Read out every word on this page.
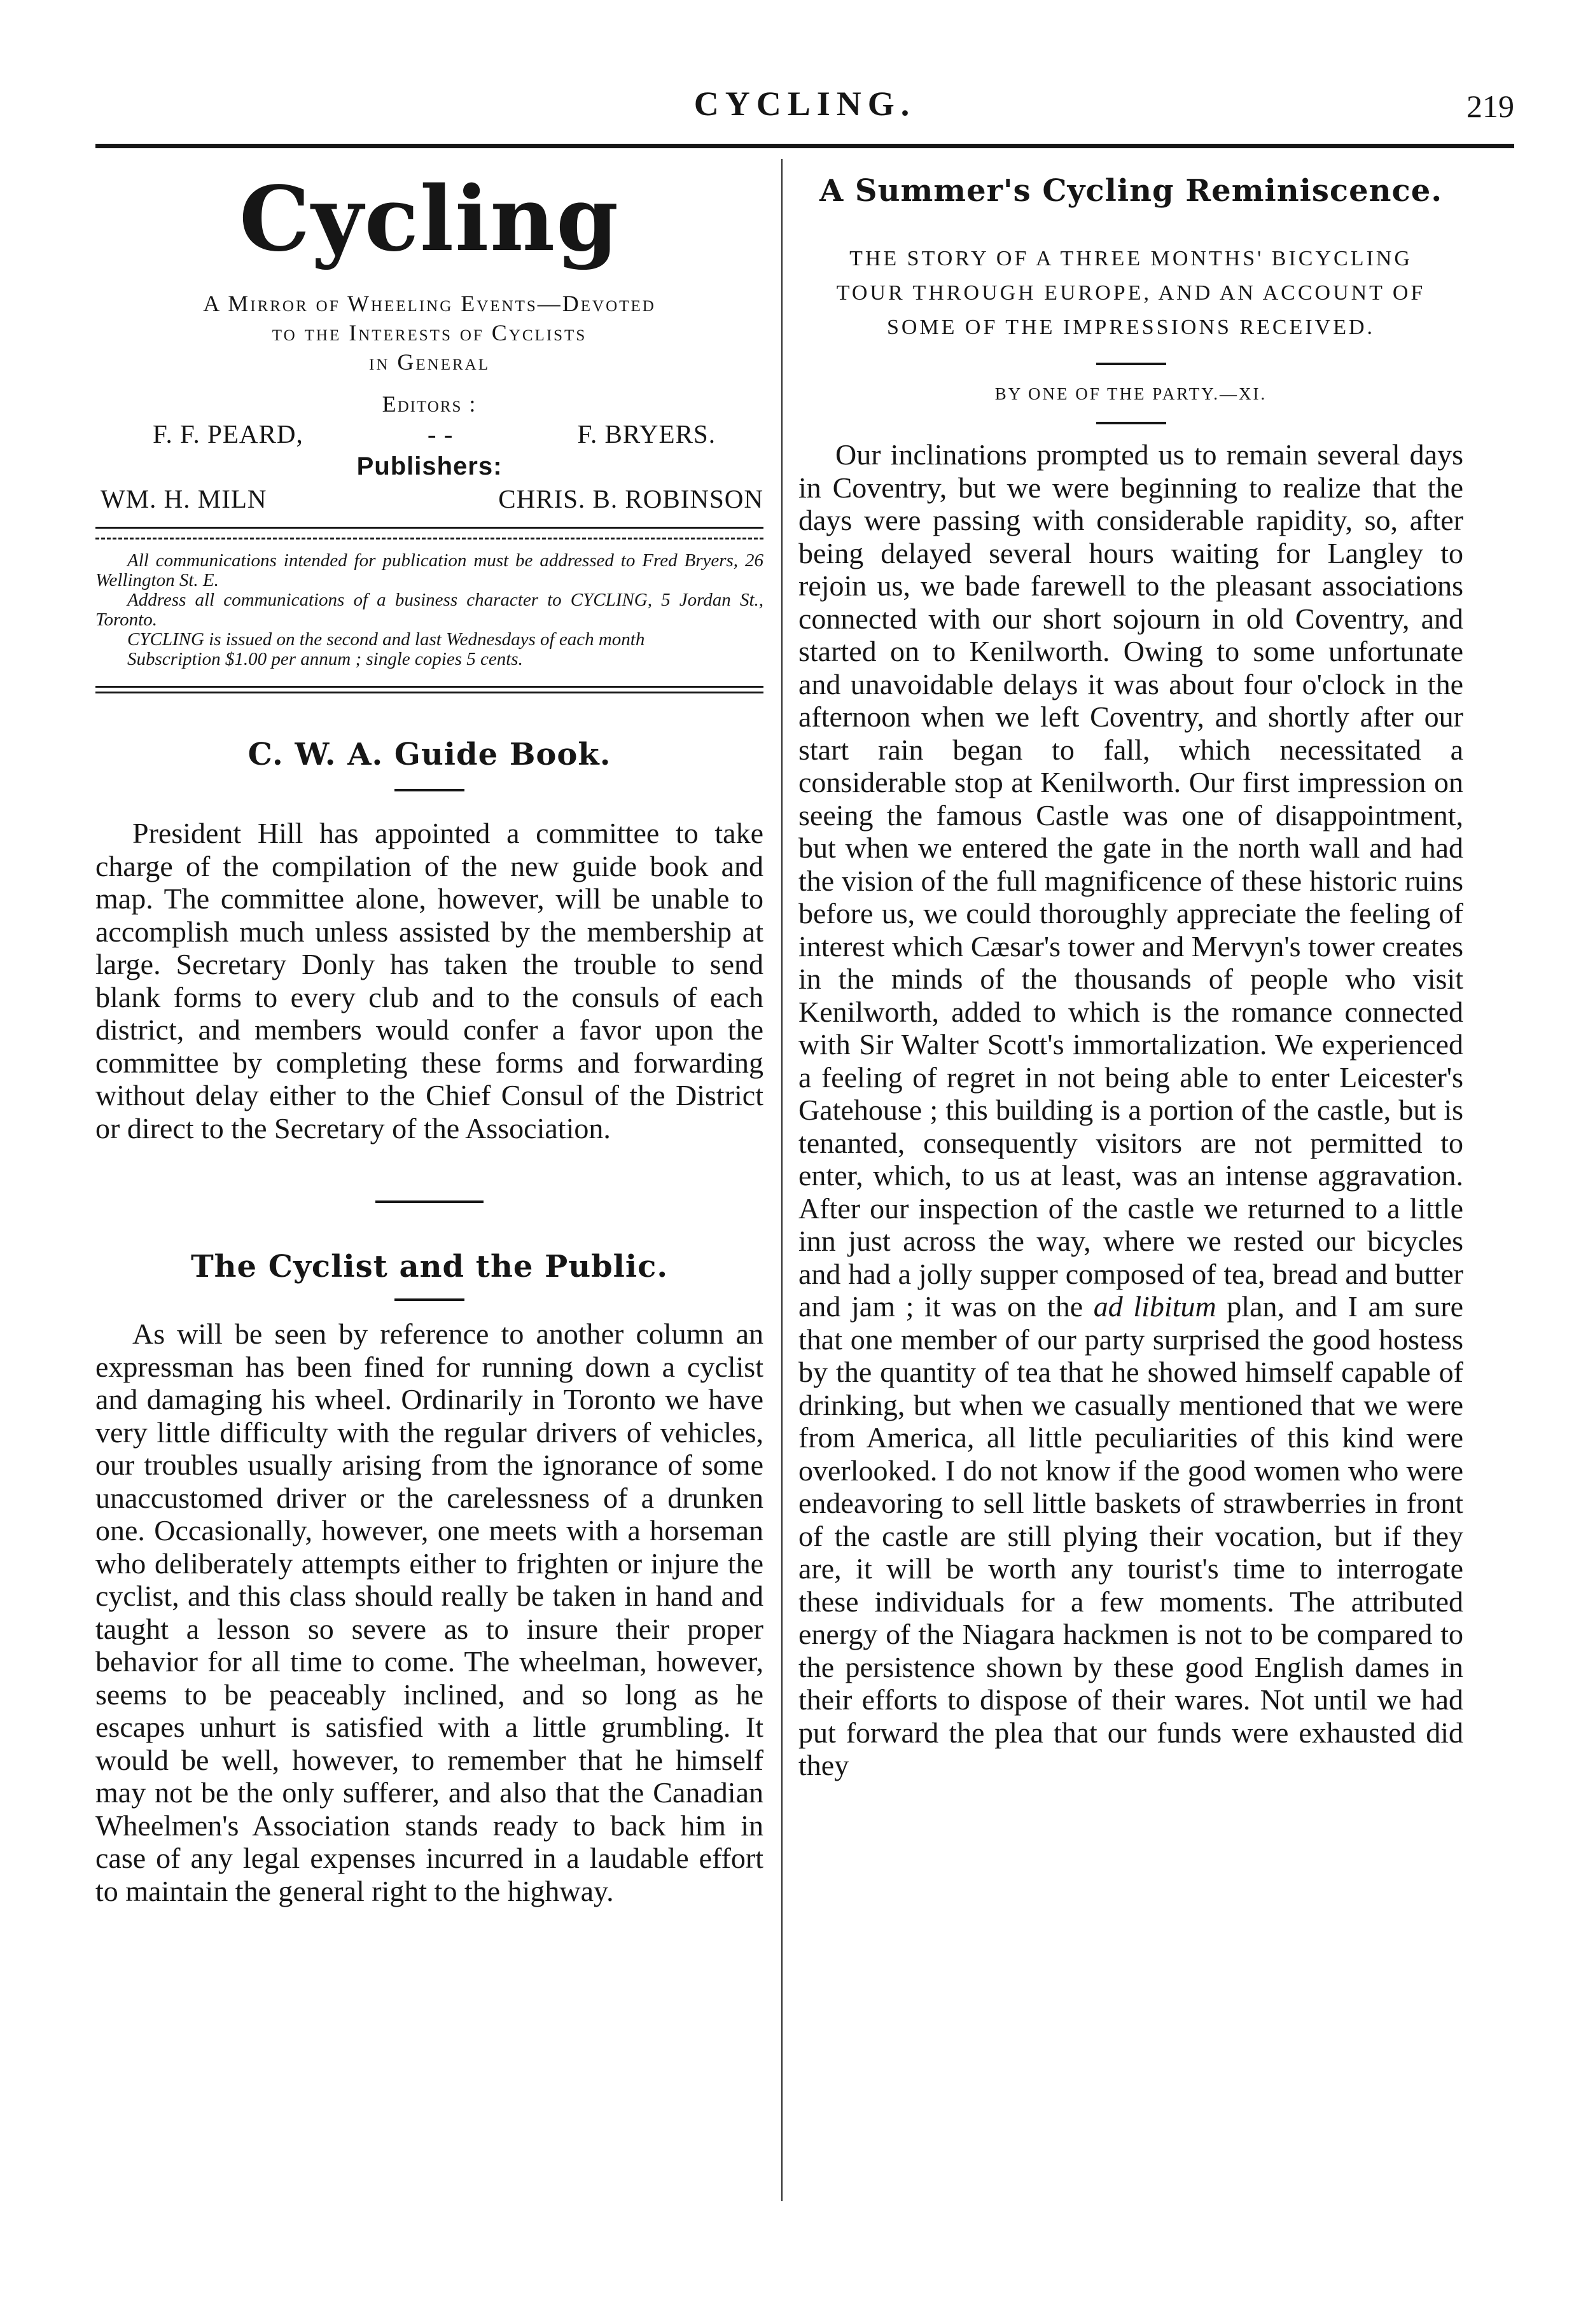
CYCLING.	219
Cycling
A Mirror of Wheeling Events—Devoted
to the Interests of Cyclists
in General
Editors :
F. F. PEARD,	- -	F. BRYERS.
Publishers:
WM. H. MILN	CHRIS. B. ROBINSON

All communications intended for publication must be addressed to Fred Bryers, 26 Wellington St. E.

Address all communications of a business character to CYCLING, 5 Jordan St., Toronto.

CYCLING is issued on the second and last Wednesdays of each month

Subscription $1.00 per annum ; single copies 5 cents.

C. W. A. Guide Book.

President Hill has appointed a committee to take charge of the compilation of the new guide book and map. The committee alone, however, will be unable to accomplish much unless assisted by the membership at large. Secretary Donly has taken the trouble to send blank forms to every club and to the consuls of each district, and members would confer a favor upon the committee by completing these forms and forwarding without delay either to the Chief Consul of the District or direct to the Secretary of the Association.

The Cyclist and the Public.

As will be seen by reference to another column an expressman has been fined for running down a cyclist and damaging his wheel. Ordinarily in Toronto we have very little difficulty with the regular drivers of vehicles, our troubles usually arising from the ignorance of some unaccustomed driver or the carelessness of a drunken one. Occasionally, however, one meets with a horseman who deliberately attempts either to frighten or injure the cyclist, and this class should really be taken in hand and taught a lesson so severe as to insure their proper behavior for all time to come. The wheelman, however, seems to be peaceably inclined, and so long as he escapes unhurt is satisfied with a little grumbling. It would be well, however, to remember that he himself may not be the only sufferer, and also that the Canadian Wheelmen's Association stands ready to back him in case of any legal expenses incurred in a laudable effort to maintain the general right to the highway.

A Summer's Cycling Reminiscence.
THE STORY OF A THREE MONTHS' BICYCLING TOUR THROUGH EUROPE, AND AN ACCOUNT OF SOME OF THE IMPRESSIONS RECEIVED.
BY ONE OF THE PARTY.—XI.

Our inclinations prompted us to remain several days in Coventry, but we were beginning to realize that the days were passing with considerable rapidity, so, after being delayed several hours waiting for Langley to rejoin us, we bade farewell to the pleasant associations connected with our short sojourn in old Coventry, and started on to Kenilworth. Owing to some unfortunate and unavoidable delays it was about four o'clock in the afternoon when we left Coventry, and shortly after our start rain began to fall, which necessitated a considerable stop at Kenilworth. Our first impression on seeing the famous Castle was one of disappointment, but when we entered the gate in the north wall and had the vision of the full magnificence of these historic ruins before us, we could thoroughly appreciate the feeling of interest which Cæsar's tower and Mervyn's tower creates in the minds of the thousands of people who visit Kenilworth, added to which is the romance connected with Sir Walter Scott's immortalization. We experienced a feeling of regret in not being able to enter Leicester's Gatehouse ; this building is a portion of the castle, but is tenanted, consequently visitors are not permitted to enter, which, to us at least, was an intense aggravation. After our inspection of the castle we returned to a little inn just across the way, where we rested our bicycles and had a jolly supper composed of tea, bread and butter and jam ; it was on the ad libitum plan, and I am sure that one member of our party surprised the good hostess by the quantity of tea that he showed himself capable of drinking, but when we casually mentioned that we were from America, all little peculiarities of this kind were overlooked. I do not know if the good women who were endeavoring to sell little baskets of strawberries in front of the castle are still plying their vocation, but if they are, it will be worth any tourist's time to interrogate these individuals for a few moments. The attributed energy of the Niagara hackmen is not to be compared to the persistence shown by these good English dames in their efforts to dispose of their wares. Not until we had put forward the plea that our funds were exhausted did they
